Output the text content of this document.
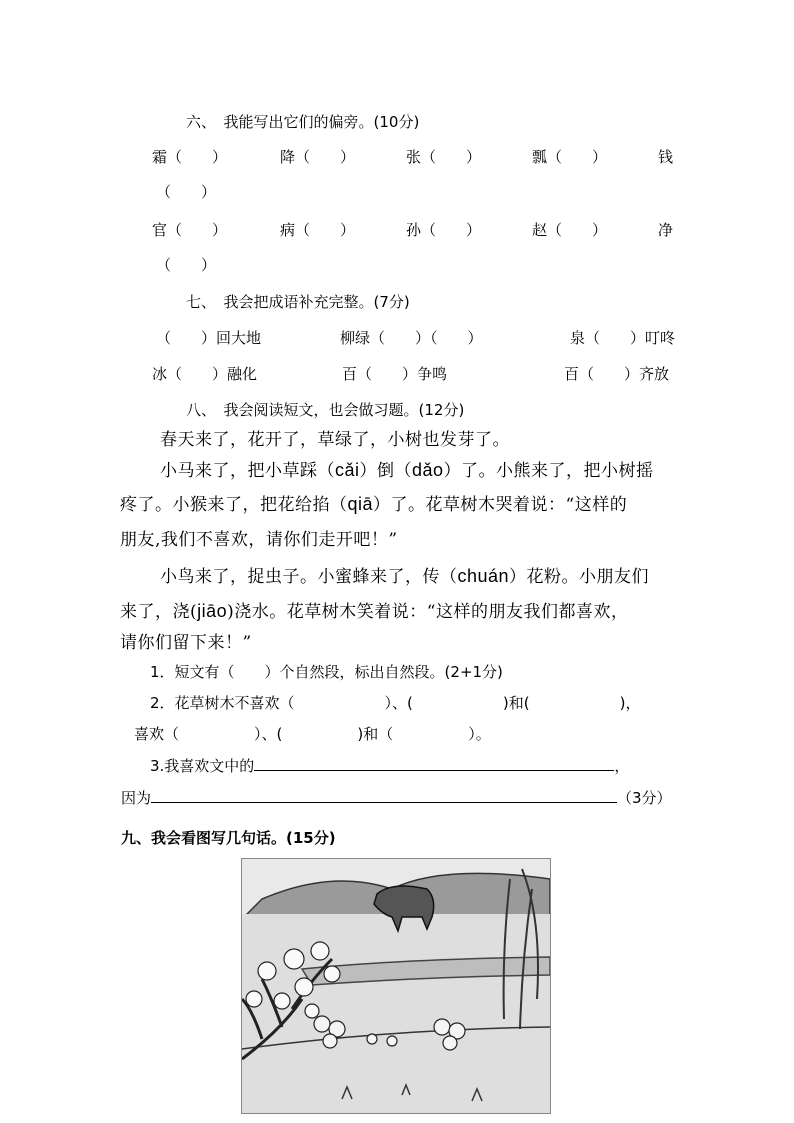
六、　我能写出它们的偏旁。(10分)
霜（　　）	降（　　）	张（　　）	瓢（　　）	钱
（　　）
官（　　）	病（　　）	孙（　　）	赵（　　）	净
（　　）
七、　我会把成语补充完整。(7分)
（　　）回大地	柳绿（　　）（　　）	泉（　　）叮咚
冰（　　）融化	百（　　）争鸣	百（　　）齐放
八、　我会阅读短文，也会做习题。(12分)
春天来了，花开了，草绿了，小树也发芽了。
小马来了，把小草踩（cǎi）倒（dǎo）了。小熊来了，把小树摇
疼了。小猴来了，把花给掐（qiā）了。花草树木哭着说：“这样的
朋友,我们不喜欢，请你们走开吧！”
小鸟来了，捉虫子。小蜜蜂来了，传（chuán）花粉。小朋友们
来了，浇(jiāo)浇水。花草树木笑着说：“这样的朋友我们都喜欢，
请你们留下来！”
1．短文有（　　）个自然段，标出自然段。(2+1分)
2．花草树木不喜欢（　　　　　　）、(　　　　　　)和(　　　　　　)，
喜欢（　　　　　）、(　　　　　)和（　　　　　）。
3.我喜欢文中的	，
因为	（3分）
九、我会看图写几句话。(15分)
